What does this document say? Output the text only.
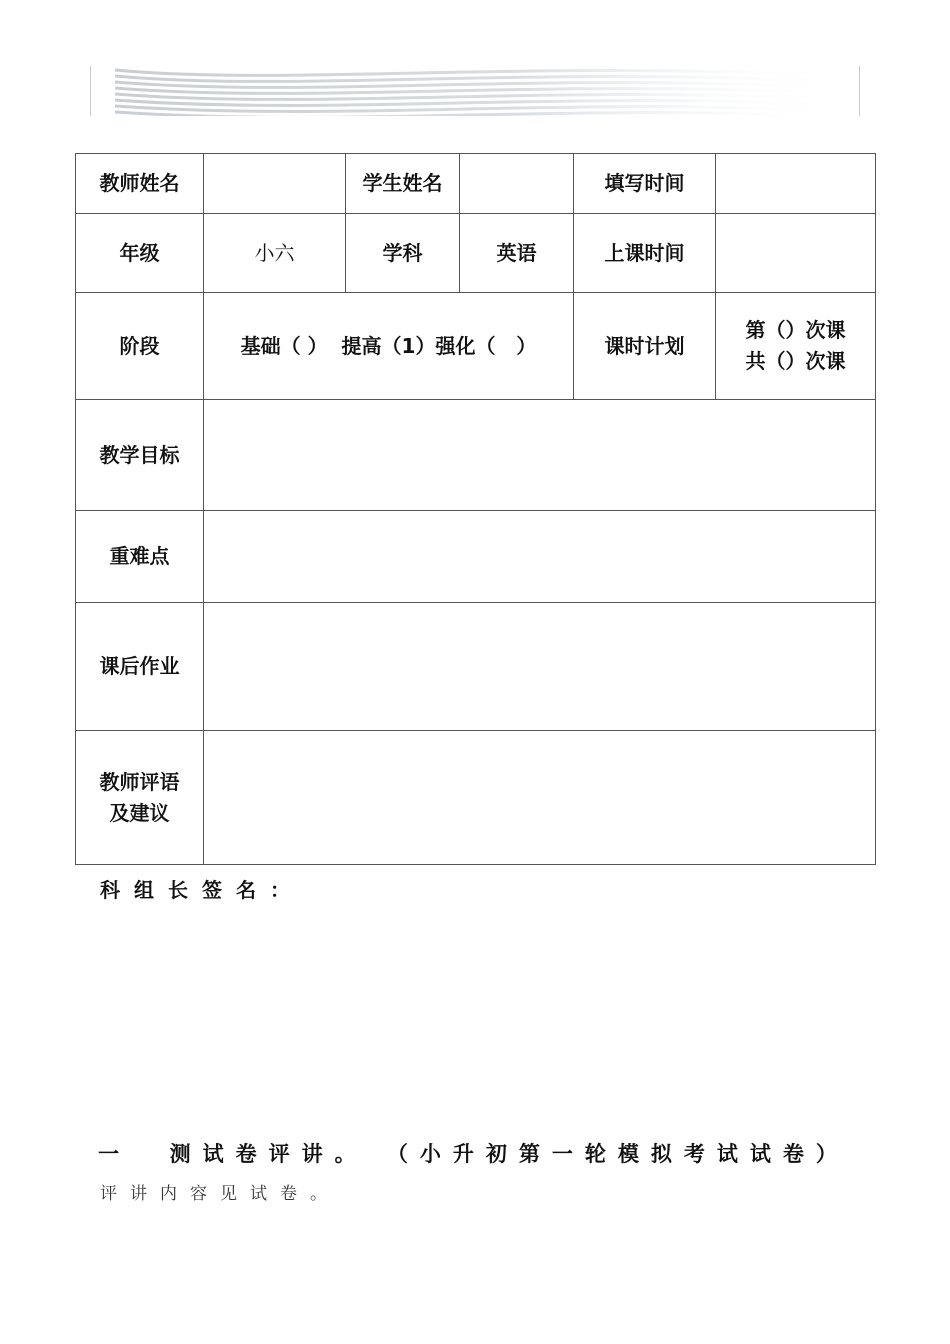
教师姓名		学生姓名		填写时间	
年级	小六	学科	英语	上课时间	
阶段	基础（ ）  提高（1）强化（   ）			课时计划	第（）次课
共（）次课

教学目标					
重难点					
课后作业					

教师评语
及建议					

科组长签名：
一  测试卷评讲。 （小升初第一轮模拟考试试卷）
评讲内容见试卷。
